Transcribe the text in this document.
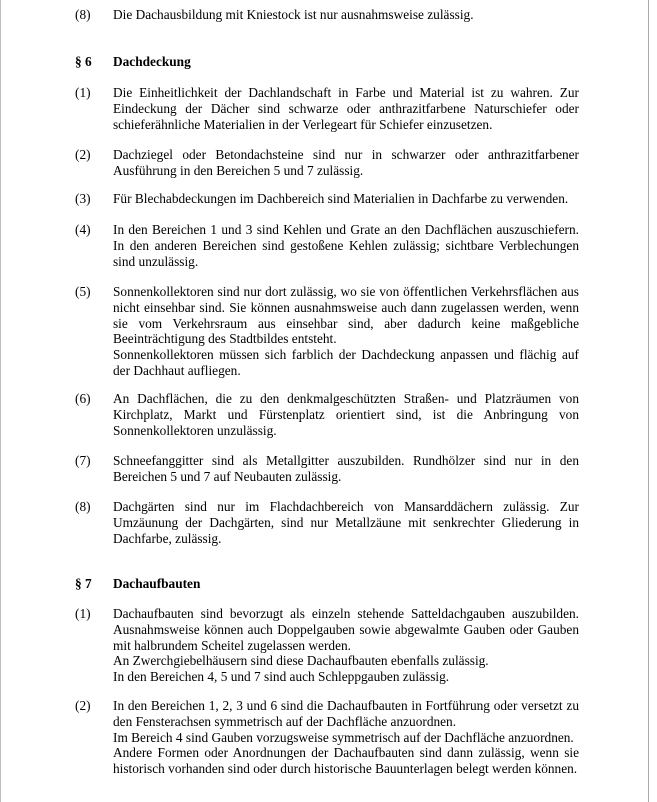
(8) Die Dachausbildung mit Kniestock ist nur ausnahmsweise zulässig.
§ 6 Dachdeckung
(1) Die Einheitlichkeit der Dachlandschaft in Farbe und Material ist zu wahren. Zur
Eindeckung der Dächer sind schwarze oder anthrazitfarbene Naturschiefer oder
schieferähnliche Materialien in der Verlegeart für Schiefer einzusetzen.
(2) Dachziegel oder Betondachsteine sind nur in schwarzer oder anthrazitfarbener
Ausführung in den Bereichen 5 und 7 zulässig.
(3) Für Blechabdeckungen im Dachbereich sind Materialien in Dachfarbe zu verwenden.
(4) In den Bereichen 1 und 3 sind Kehlen und Grate an den Dachflächen auszuschiefern.
In den anderen Bereichen sind gestoßene Kehlen zulässig; sichtbare Verblechungen
sind unzulässig.
(5) Sonnenkollektoren sind nur dort zulässig, wo sie von öffentlichen Verkehrsflächen aus
nicht einsehbar sind. Sie können ausnahmsweise auch dann zugelassen werden, wenn
sie vom Verkehrsraum aus einsehbar sind, aber dadurch keine maßgebliche
Beeinträchtigung des Stadtbildes entsteht.
Sonnenkollektoren müssen sich farblich der Dachdeckung anpassen und flächig auf
der Dachhaut aufliegen.
(6) An Dachflächen, die zu den denkmalgeschützten Straßen- und Platzräumen von
Kirchplatz, Markt und Fürstenplatz orientiert sind, ist die Anbringung von
Sonnenkollektoren unzulässig.
(7) Schneefanggitter sind als Metallgitter auszubilden. Rundhölzer sind nur in den
Bereichen 5 und 7 auf Neubauten zulässig.
(8) Dachgärten sind nur im Flachdachbereich von Mansarddächern zulässig. Zur
Umzäunung der Dachgärten, sind nur Metallzäune mit senkrechter Gliederung in
Dachfarbe, zulässig.
§ 7 Dachaufbauten
(1) Dachaufbauten sind bevorzugt als einzeln stehende Satteldachgauben auszubilden.
Ausnahmsweise können auch Doppelgauben sowie abgewalmte Gauben oder Gauben
mit halbrundem Scheitel zugelassen werden.
An Zwerchgiebelhäusern sind diese Dachaufbauten ebenfalls zulässig.
In den Bereichen 4, 5 und 7 sind auch Schleppgauben zulässig.
(2) In den Bereichen 1, 2, 3 und 6 sind die Dachaufbauten in Fortführung oder versetzt zu
den Fensterachsen symmetrisch auf der Dachfläche anzuordnen.
Im Bereich 4 sind Gauben vorzugsweise symmetrisch auf der Dachfläche anzuordnen.
Andere Formen oder Anordnungen der Dachaufbauten sind dann zulässig, wenn sie
historisch vorhanden sind oder durch historische Bauunterlagen belegt werden können.
